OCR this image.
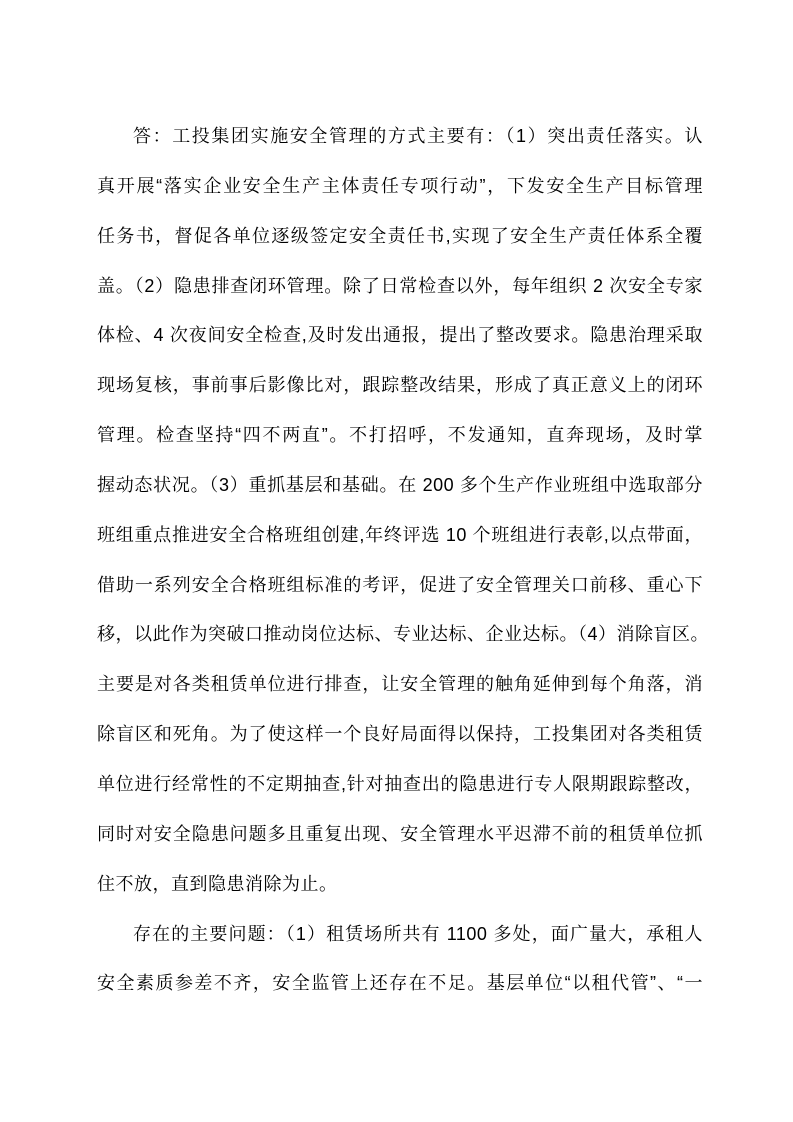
答：工投集团实施安全管理的方式主要有：（1）突出责任落实。认
真开展“落实企业安全生产主体责任专项行动”，下发安全生产目标管理
任务书，督促各单位逐级签定安全责任书,实现了安全生产责任体系全覆
盖。（2）隐患排查闭环管理。除了日常检查以外，每年组织 2 次安全专家
体检、4 次夜间安全检查,及时发出通报，提出了整改要求。隐患治理采取
现场复核，事前事后影像比对，跟踪整改结果，形成了真正意义上的闭环
管理。检查坚持“四不两直”。不打招呼，不发通知，直奔现场，及时掌
握动态状况。（3）重抓基层和基础。在 200 多个生产作业班组中选取部分
班组重点推进安全合格班组创建,年终评选 10 个班组进行表彰,以点带面，
借助一系列安全合格班组标准的考评，促进了安全管理关口前移、重心下
移，以此作为突破口推动岗位达标、专业达标、企业达标。（4）消除盲区。
主要是对各类租赁单位进行排查，让安全管理的触角延伸到每个角落，消
除盲区和死角。为了使这样一个良好局面得以保持，工投集团对各类租赁
单位进行经常性的不定期抽查,针对抽查出的隐患进行专人限期跟踪整改，
同时对安全隐患问题多且重复出现、安全管理水平迟滞不前的租赁单位抓
住不放，直到隐患消除为止。
存在的主要问题：（1）租赁场所共有 1100 多处，面广量大，承租人
安全素质参差不齐，安全监管上还存在不足。基层单位“以租代管”、“一
